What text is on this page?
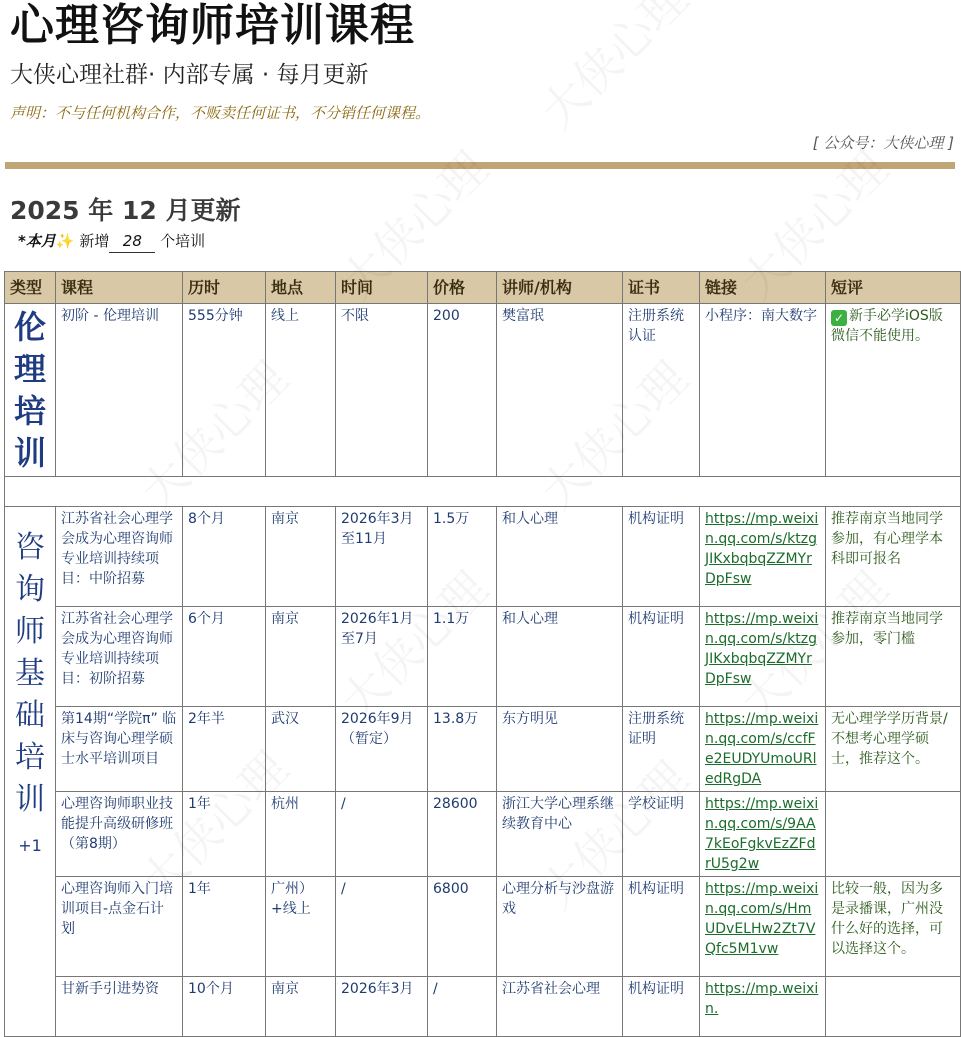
心理咨询师培训课程
大侠心理社群· 内部专属 · 每月更新
声明：不与任何机构合作，不贩卖任何证书，不分销任何课程。
[ 公众号：大侠心理 ]
2025 年 12 月更新
*本月✨ 新增 28 个培训
类型	课程	历时	地点	时间	价格	讲师/机构	证书	链接	短评
伦理培训	初阶 - 伦理培训	555分钟	线上	不限	200	樊富珉	注册系统认证	小程序：南大数字	✓ 新手必学iOS版微信不能使用。

咨询师基础培训
+1	江苏省社会心理学会成为心理咨询师专业培训持续项目：中阶招募	8个月	南京	2026年3月至11月	1.5万	和人心理	机构证明	https://mp.weixin.qq.com/s/ktzgJIKxbqbqZZMYrDpFsw	推荐南京当地同学参加，有心理学本科即可报名
	江苏省社会心理学会成为心理咨询师专业培训持续项目：初阶招募	6个月	南京	2026年1月至7月	1.1万	和人心理	机构证明	https://mp.weixin.qq.com/s/ktzgJIKxbqbqZZMYrDpFsw	推荐南京当地同学参加，零门槛
	第14期“学院π” 临床与咨询心理学硕士水平培训项目	2年半	武汉	2026年9月（暂定）	13.8万	东方明见	注册系统证明	https://mp.weixin.qq.com/s/ccfFe2EUDYUmoURledRgDA	无心理学学历背景/不想考心理学硕士，推荐这个。
	心理咨询师职业技能提升高级研修班（第8期）	1年	杭州	/	28600	浙江大学心理系继续教育中心	学校证明	https://mp.weixin.qq.com/s/9AA7kEoFgkvEzZFdrU5g2w	
	心理咨询师入门培训项目-点金石计划	1年	广州）+线上	/	6800	心理分析与沙盘游戏	机构证明	https://mp.weixin.qq.com/s/HmUDvELHw2Zt7VQfc5M1vw	比较一般，因为多是录播课，广州没什么好的选择，可以选择这个。
	甘新手引进势资	10个月	南京	2026年3月	/	江苏省社会心理	机构证明	https://mp.weixin.	
